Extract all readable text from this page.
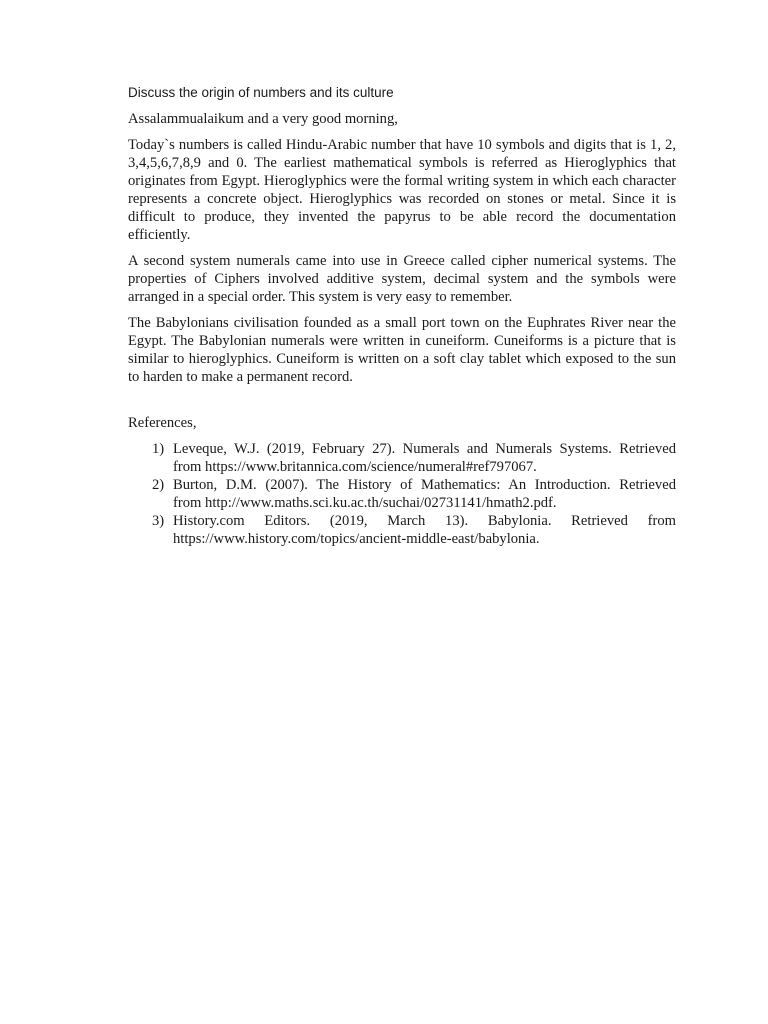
Discuss the origin of numbers and its culture

Assalammualaikum and a very good morning,

Today`s numbers is called Hindu-Arabic number that have 10 symbols and digits that is 1, 2, 3,4,5,6,7,8,9 and 0. The earliest mathematical symbols is referred as Hieroglyphics that originates from Egypt. Hieroglyphics were the formal writing system in which each character represents a concrete object. Hieroglyphics was recorded on stones or metal. Since it is difficult to produce, they invented the papyrus to be able record the documentation efficiently.

A second system numerals came into use in Greece called cipher numerical systems. The properties of Ciphers involved additive system, decimal system and the symbols were arranged in a special order. This system is very easy to remember.

The Babylonians civilisation founded as a small port town on the Euphrates River near the Egypt. The Babylonian numerals were written in cuneiform. Cuneiforms is a picture that is similar to hieroglyphics. Cuneiform is written on a soft clay tablet which exposed to the sun to harden to make a permanent record.

References,

1) Leveque, W.J. (2019, February 27). Numerals and Numerals Systems. Retrieved
from https://www.britannica.com/science/numeral#ref797067.
2) Burton, D.M. (2007). The History of Mathematics: An Introduction. Retrieved
from http://www.maths.sci.ku.ac.th/suchai/02731141/hmath2.pdf.
3) History.com Editors. (2019, March 13). Babylonia. Retrieved from
https://www.history.com/topics/ancient-middle-east/babylonia.
